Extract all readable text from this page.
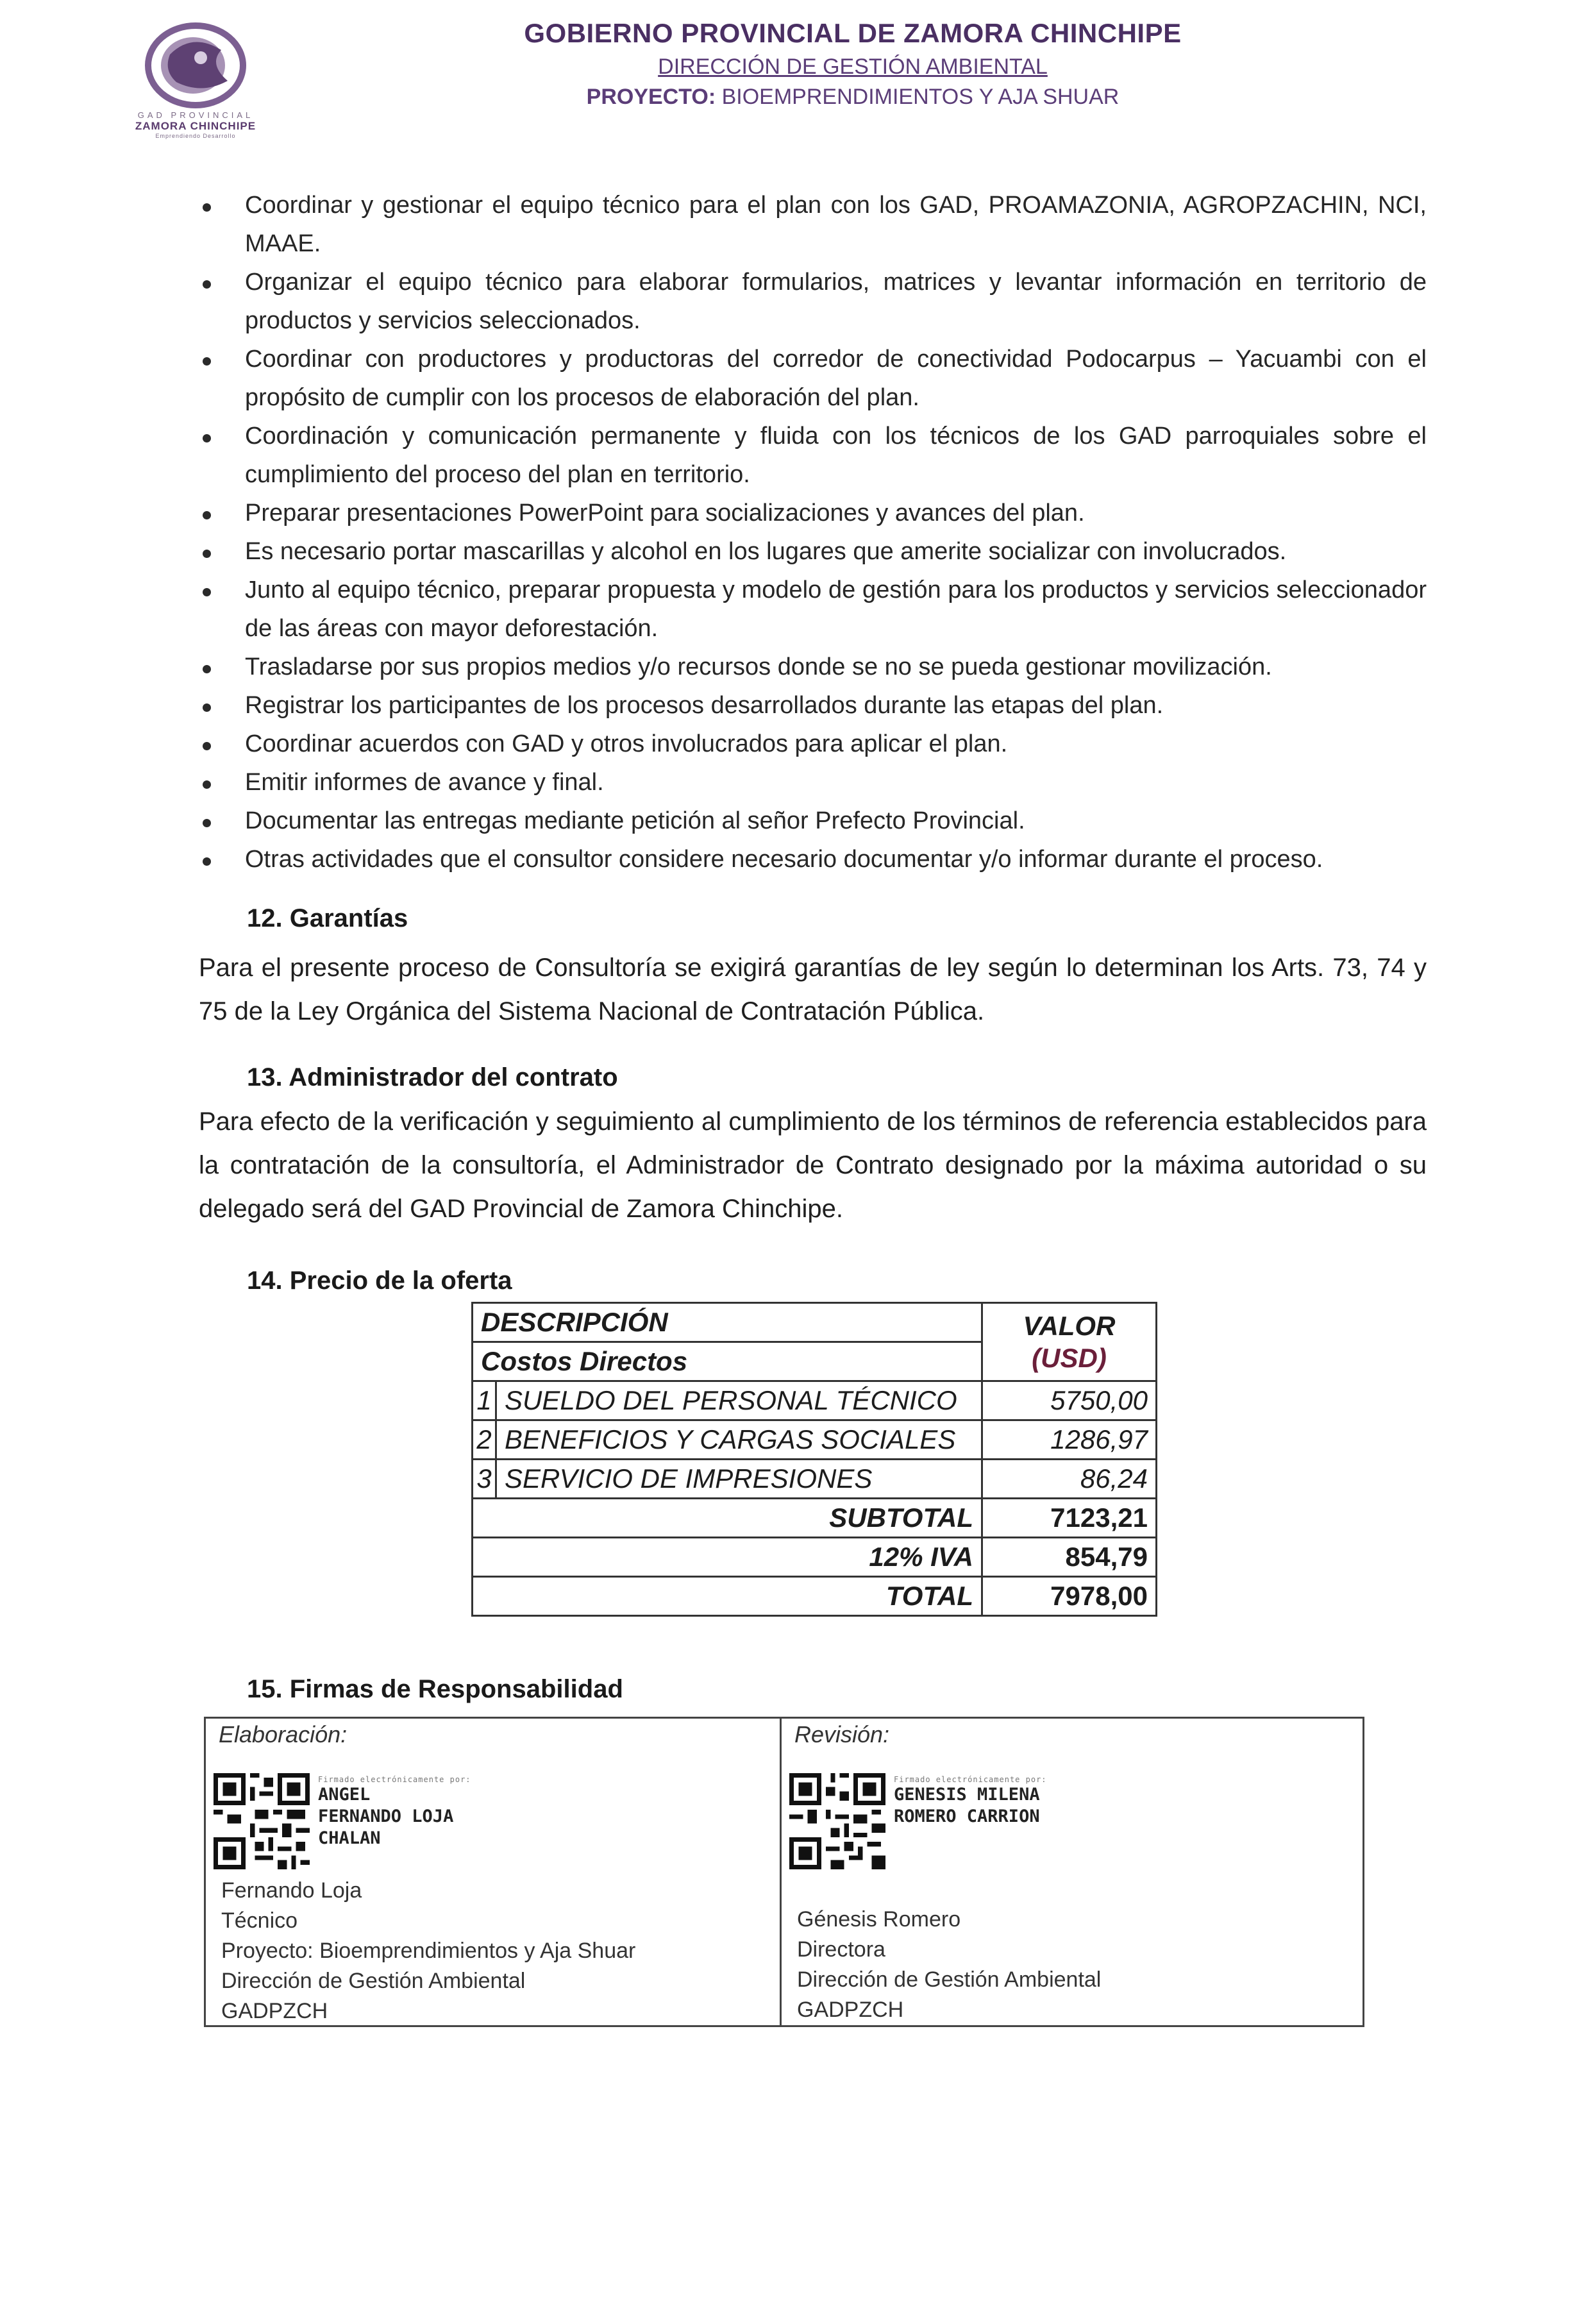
GAD PROVINCIAL
ZAMORA CHINCHIPE
Emprendiendo Desarrollo
GOBIERNO PROVINCIAL DE ZAMORA CHINCHIPE
DIRECCIÓN DE GESTIÓN AMBIENTAL
PROYECTO: BIOEMPRENDIMIENTOS Y AJA SHUAR
Coordinar y gestionar el equipo técnico para el plan con los GAD, PROAMAZONIA, AGROPZACHIN, NCI, MAAE.
Organizar el equipo técnico para elaborar formularios, matrices y levantar información en territorio de productos y servicios seleccionados.
Coordinar con productores y productoras del corredor de conectividad Podocarpus – Yacuambi con el propósito de cumplir con los procesos de elaboración del plan.
Coordinación y comunicación permanente y fluida con los técnicos de los GAD parroquiales sobre el cumplimiento del proceso del plan en territorio.
Preparar presentaciones PowerPoint para socializaciones y avances del plan.
Es necesario portar mascarillas y alcohol en los lugares que amerite socializar con involucrados.
Junto al equipo técnico, preparar propuesta y modelo de gestión para los productos y servicios seleccionador de las áreas con mayor deforestación.
Trasladarse por sus propios medios y/o recursos donde se no se pueda gestionar movilización.
Registrar los participantes de los procesos desarrollados durante las etapas del plan.
Coordinar acuerdos con GAD y otros involucrados para aplicar el plan.
Emitir informes de avance y final.
Documentar las entregas mediante petición al señor Prefecto Provincial.
Otras actividades que el consultor considere necesario documentar y/o informar durante el proceso.
12. Garantías
Para el presente proceso de Consultoría se exigirá garantías de ley según lo determinan los Arts. 73, 74 y 75 de la Ley Orgánica del Sistema Nacional de Contratación Pública.
13. Administrador del contrato
Para efecto de la verificación y seguimiento al cumplimiento de los términos de referencia establecidos para la contratación de la consultoría, el Administrador de Contrato designado por la máxima autoridad o su delegado será del GAD Provincial de Zamora Chinchipe.
14. Precio de la oferta
DESCRIPCIÓN		VALOR
(USD)

Costos Directos		
1	SUELDO DEL PERSONAL TÉCNICO	5750,00
2	BENEFICIOS Y CARGAS SOCIALES	1286,97
3	SERVICIO DE IMPRESIONES	86,24
SUBTOTAL		7123,21
12% IVA		854,79
TOTAL		7978,00
15. Firmas de Responsabilidad
Elaboración:
Firmado electrónicamente por:
ANGEL
FERNANDO LOJA
CHALAN
Fernando Loja
Técnico
Proyecto: Bioemprendimientos y Aja Shuar
Dirección de Gestión Ambiental
GADPZCH
Revisión:
Firmado electrónicamente por:
GENESIS MILENA
ROMERO CARRION
Génesis Romero
Directora
Dirección de Gestión Ambiental
GADPZCH
